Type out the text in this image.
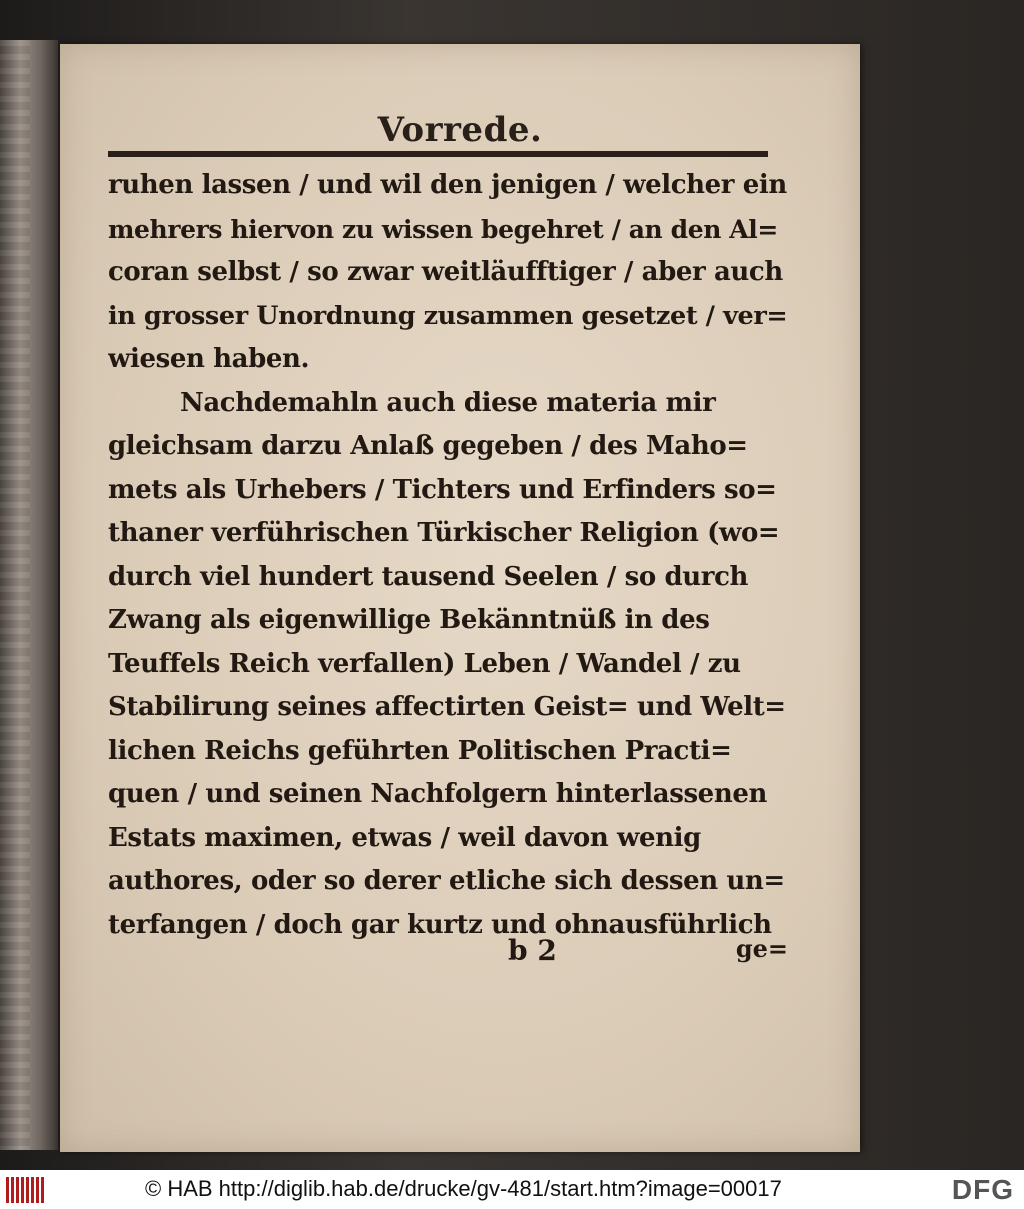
Vorrede.
ruhen lassen / und wil den jenigen / welcher ein
mehrers hiervon zu wissen begehret / an den Al=
coran selbst / so zwar weitläufftiger / aber auch
in grosser Unordnung zusammen gesetzet / ver=
wiesen haben.
Nachdemahln auch diese materia mir
gleichsam darzu Anlaß gegeben / des Maho=
mets als Urhebers / Tichters und Erfinders so=
thaner verführischen Türkischer Religion (wo=
durch viel hundert tausend Seelen / so durch
Zwang als eigenwillige Bekänntnüß in des
Teuffels Reich verfallen) Leben / Wandel / zu
Stabilirung seines affectirten Geist= und Welt=
lichen Reichs geführten Politischen Practi=
quen / und seinen Nachfolgern hinterlassenen
Estats maximen, etwas / weil davon wenig
authores, oder so derer etliche sich dessen un=
terfangen / doch gar kurtz und ohnausführlich
b 2	ge=
© HAB http://diglib.hab.de/drucke/gv-481/start.htm?image=00017	DFG
